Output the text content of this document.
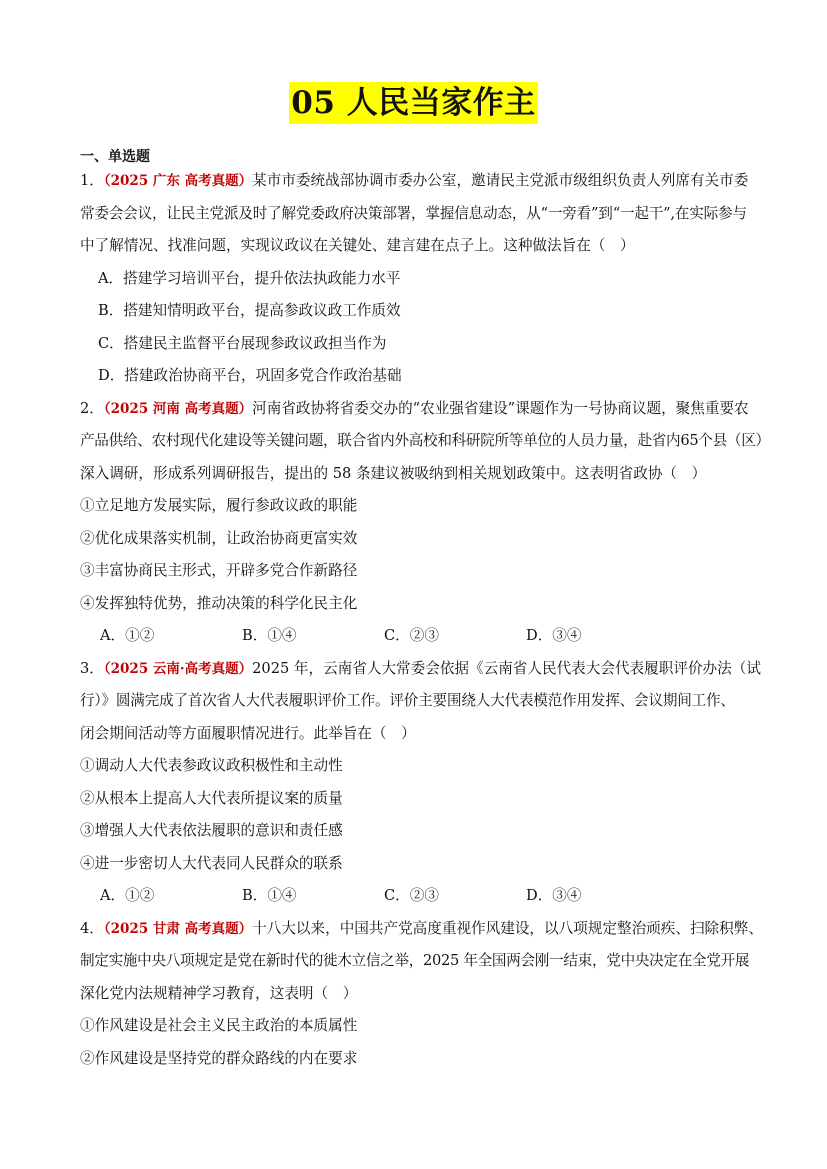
05 人民当家作主
一、单选题
1．（2025 广东 高考真题）某市市委统战部协调市委办公室，邀请民主党派市级组织负责人列席有关市委
常委会会议，让民主党派及时了解党委政府决策部署，掌握信息动态，从“一旁看”到“一起干”,在实际参与
中了解情况、找准问题，实现议政议在关键处、建言建在点子上。这种做法旨在（　）
A．搭建学习培训平台，提升依法执政能力水平
B．搭建知情明政平台，提高参政议政工作质效
C．搭建民主监督平台展现参政议政担当作为
D．搭建政治协商平台，巩固多党合作政治基础
2．（2025 河南 高考真题）河南省政协将省委交办的“农业强省建设”课题作为一号协商议题，聚焦重要农
产品供给、农村现代化建设等关键问题，联合省内外高校和科研院所等单位的人员力量，赴省内65个县（区）
深入调研，形成系列调研报告，提出的 58 条建议被吸纳到相关规划政策中。这表明省政协（　）
①立足地方发展实际，履行参政议政的职能
②优化成果落实机制，让政治协商更富实效
③丰富协商民主形式，开辟多党合作新路径
④发挥独特优势，推动决策的科学化民主化
A．①②	B．①④	C．②③	D．③④
3．（2025 云南·高考真题）2025 年，云南省人大常委会依据《云南省人民代表大会代表履职评价办法（试
行）》圆满完成了首次省人大代表履职评价工作。评价主要围绕人大代表模范作用发挥、会议期间工作、
闭会期间活动等方面履职情况进行。此举旨在（　）
①调动人大代表参政议政积极性和主动性
②从根本上提高人大代表所提议案的质量
③增强人大代表依法履职的意识和责任感
④进一步密切人大代表同人民群众的联系
A．①②	B．①④	C．②③	D．③④
4．（2025 甘肃 高考真题）十八大以来，中国共产党高度重视作风建设，以八项规定整治顽疾、扫除积弊、
制定实施中央八项规定是党在新时代的徙木立信之举，2025 年全国两会刚一结束，党中央决定在全党开展
深化党内法规精神学习教育，这表明（　）
①作风建设是社会主义民主政治的本质属性
②作风建设是坚持党的群众路线的内在要求
